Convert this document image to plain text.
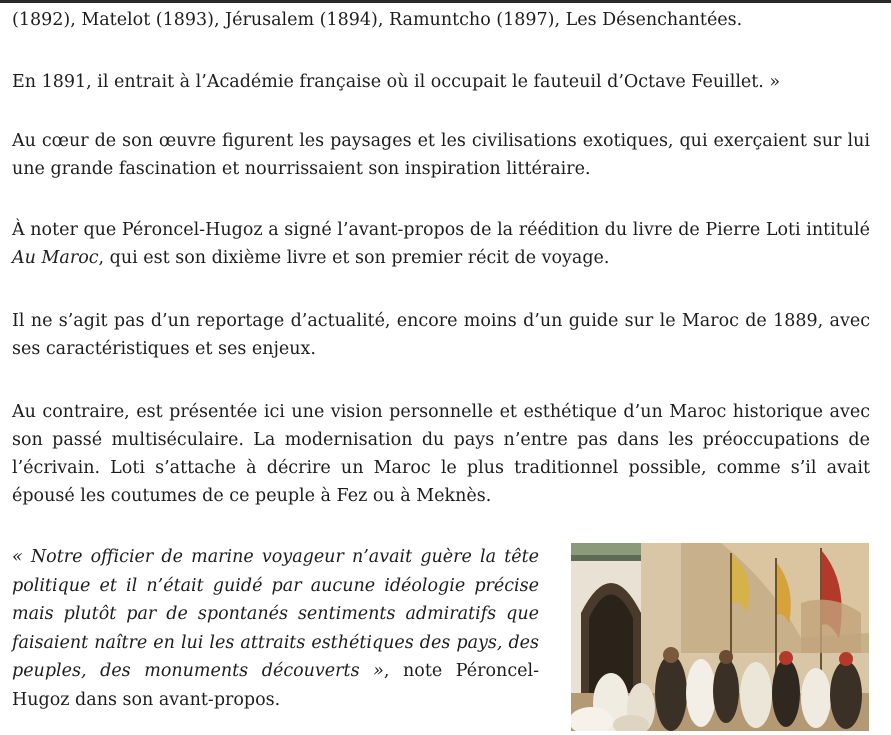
(1892), Matelot (1893), Jérusalem (1894), Ramuntcho (1897), Les Désenchantées.

En 1891, il entrait à l’Académie française où il occupait le fauteuil d’Octave Feuillet. »

Au cœur de son œuvre figurent les paysages et les civilisations exotiques, qui exerçaient sur lui une grande fascination et nourrissaient son inspiration littéraire.

À noter que Péroncel-Hugoz a signé l’avant-propos de la réédition du livre de Pierre Loti intitulé Au Maroc, qui est son dixième livre et son premier récit de voyage.

Il ne s’agit pas d’un reportage d’actualité, encore moins d’un guide sur le Maroc de 1889, avec ses caractéristiques et ses enjeux.

Au contraire, est présentée ici une vision personnelle et esthétique d’un Maroc historique avec son passé multiséculaire. La modernisation du pays n’entre pas dans les préoccupations de l’écrivain. Loti s’attache à décrire un Maroc le plus traditionnel possible, comme s’il avait épousé les coutumes de ce peuple à Fez ou à Meknès.

« Notre officier de marine voyageur n’avait guère la tête politique et il n’était guidé par aucune idéologie précise mais plutôt par de spontanés sentiments admiratifs que faisaient naître en lui les attraits esthétiques des pays, des peuples, des monuments découverts », note Péroncel-Hugoz dans son avant-propos.
